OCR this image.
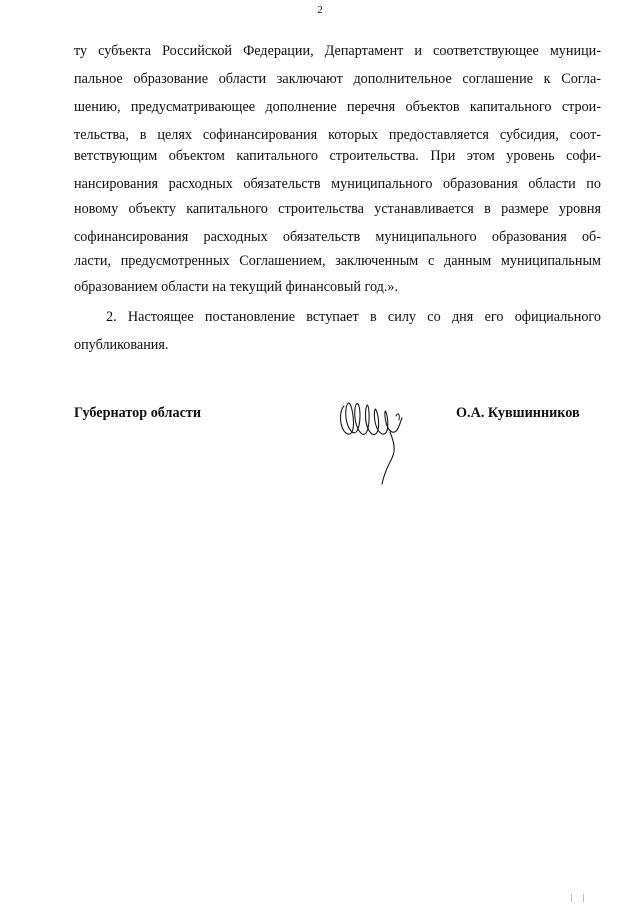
2
ту субъекта Российской Федерации, Департамент и соответствующее муници-
пальное образование области заключают дополнительное соглашение к Согла-
шению, предусматривающее дополнение перечня объектов капитального строи-
тельства, в целях софинансирования которых предоставляется субсидия, соот-
ветствующим объектом капитального строительства. При этом уровень софи-
нансирования расходных обязательств муниципального образования области по
новому объекту капитального строительства устанавливается в размере уровня
софинансирования расходных обязательств муниципального образования об-
ласти, предусмотренных Соглашением, заключенным с данным муниципальным
образованием области на текущий финансовый год.».
2. Настоящее постановление вступает в силу со дня его официального
опубликования.
Губернатор области	О.А. Кувшинников
| |
